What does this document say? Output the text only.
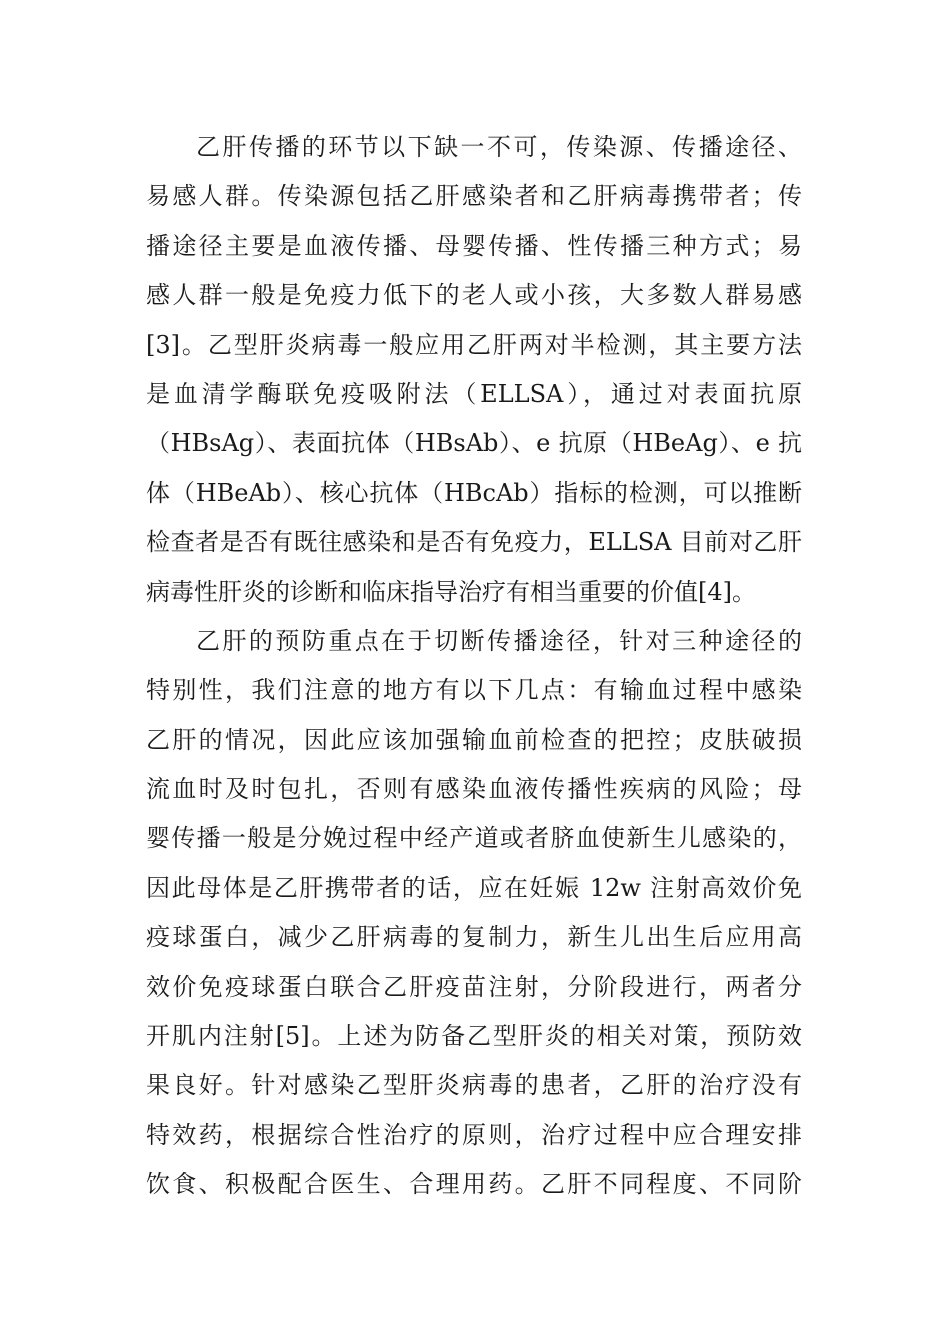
乙肝传播的环节以下缺一不可，传染源、传播途径、
易感人群。传染源包括乙肝感染者和乙肝病毒携带者；传
播途径主要是血液传播、母婴传播、性传播三种方式；易
感人群一般是免疫力低下的老人或小孩，大多数人群易感
[3]。乙型肝炎病毒一般应用乙肝两对半检测，其主要方法
是血清学酶联免疫吸附法（ELLSA），通过对表面抗原
（HBsAg）、表面抗体（HBsAb）、e 抗原（HBeAg）、e 抗
体（HBeAb）、核心抗体（HBcAb）指标的检测，可以推断
检查者是否有既往感染和是否有免疫力，ELLSA 目前对乙肝
病毒性肝炎的诊断和临床指导治疗有相当重要的价值[4]。
乙肝的预防重点在于切断传播途径，针对三种途径的
特别性，我们注意的地方有以下几点：有输血过程中感染
乙肝的情况，因此应该加强输血前检查的把控；皮肤破损
流血时及时包扎，否则有感染血液传播性疾病的风险；母
婴传播一般是分娩过程中经产道或者脐血使新生儿感染的，
因此母体是乙肝携带者的话，应在妊娠 12w 注射高效价免
疫球蛋白，减少乙肝病毒的复制力，新生儿出生后应用高
效价免疫球蛋白联合乙肝疫苗注射，分阶段进行，两者分
开肌内注射[5]。上述为防备乙型肝炎的相关对策，预防效
果良好。针对感染乙型肝炎病毒的患者，乙肝的治疗没有
特效药，根据综合性治疗的原则，治疗过程中应合理安排
饮食、积极配合医生、合理用药。乙肝不同程度、不同阶
